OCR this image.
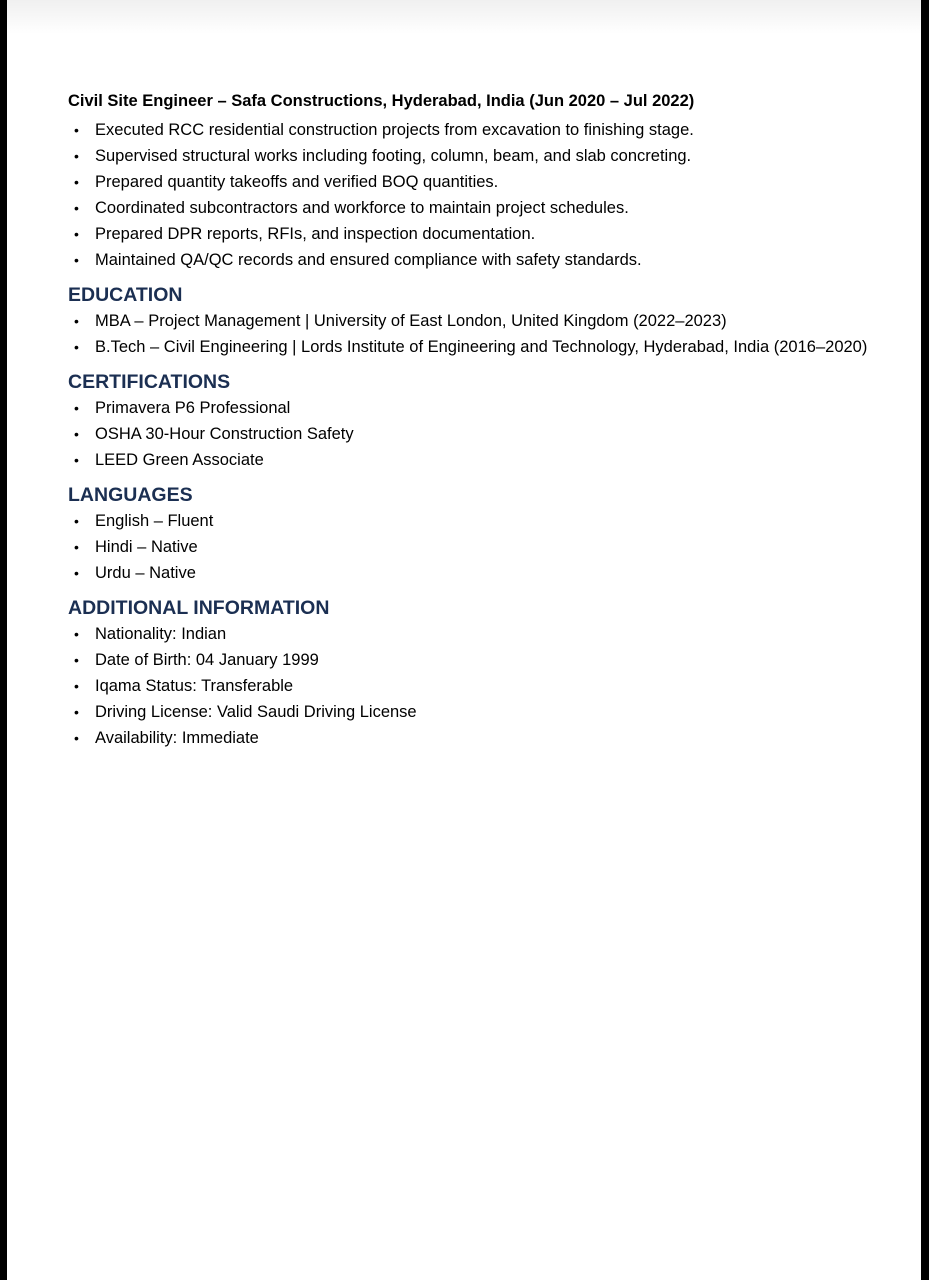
Civil Site Engineer – Safa Constructions, Hyderabad, India (Jun 2020 – Jul 2022)
• Executed RCC residential construction projects from excavation to finishing stage.
• Supervised structural works including footing, column, beam, and slab concreting.
• Prepared quantity takeoffs and verified BOQ quantities.
• Coordinated subcontractors and workforce to maintain project schedules.
• Prepared DPR reports, RFIs, and inspection documentation.
• Maintained QA/QC records and ensured compliance with safety standards.
EDUCATION
• MBA – Project Management | University of East London, United Kingdom (2022–2023)
• B.Tech – Civil Engineering | Lords Institute of Engineering and Technology, Hyderabad, India (2016–2020)
CERTIFICATIONS
• Primavera P6 Professional
• OSHA 30-Hour Construction Safety
• LEED Green Associate
LANGUAGES
• English – Fluent
• Hindi – Native
• Urdu – Native
ADDITIONAL INFORMATION
• Nationality: Indian
• Date of Birth: 04 January 1999
• Iqama Status: Transferable
• Driving License: Valid Saudi Driving License
• Availability: Immediate
